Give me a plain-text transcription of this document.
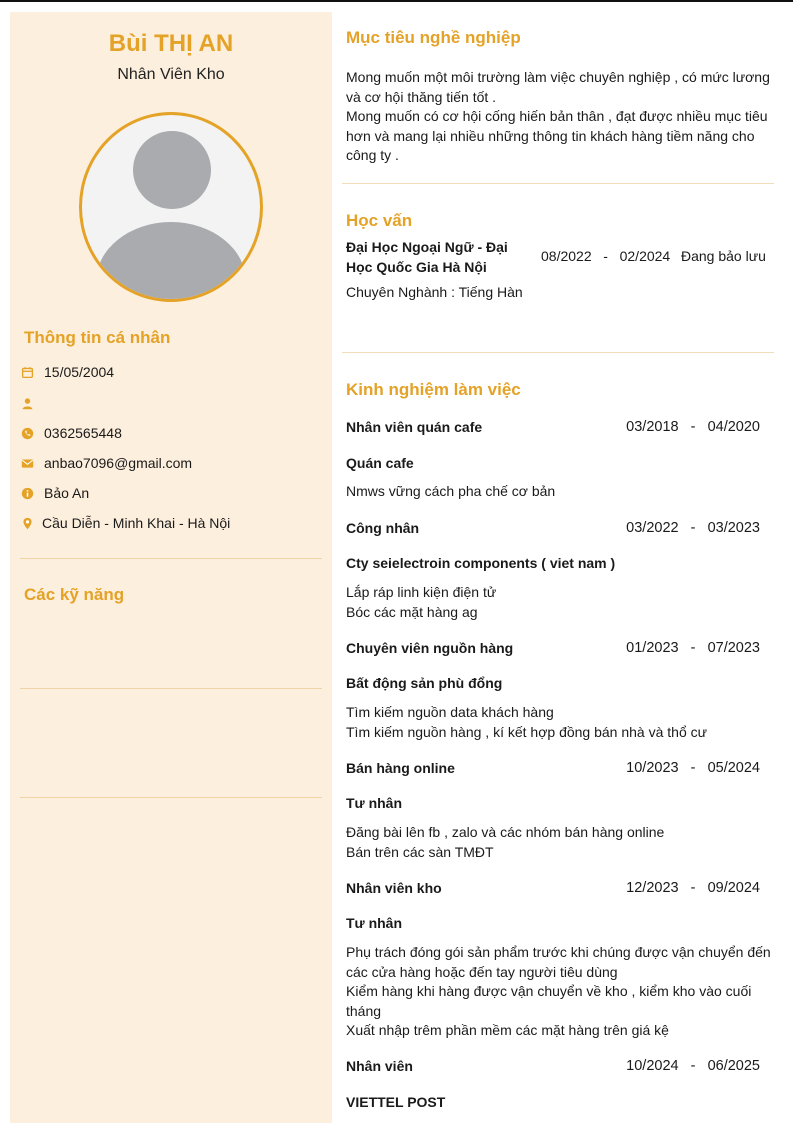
Bùi THỊ AN
Nhân Viên Kho
Thông tin cá nhân
15/05/2004
0362565448
anbao7096@gmail.com
Bảo An
Cầu Diễn - Minh Khai - Hà Nội
Các kỹ năng
Mục tiêu nghề nghiệp
Mong muốn một môi trường làm việc chuyên nghiệp , có mức lương và cơ hội thăng tiến tốt .
Mong muốn có cơ hội cống hiến bản thân , đạt được nhiều mục tiêu hơn và mang lại nhiều những thông tin khách hàng tiềm năng cho công ty .
Học vấn
Đại Học Ngoại Ngữ - Đại Học Quốc Gia Hà Nội
08/2022   -   02/2024 Đang bảo lưu
Chuyên Nghành : Tiếng Hàn
Kinh nghiệm làm việc
Nhân viên quán cafe	03/2018   -   04/2020
Quán cafe
Nmws vững cách pha chế cơ bản
Công nhân	03/2022   -   03/2023
Cty seielectroin components ( viet nam )
Lắp ráp linh kiện điện tử
Bóc các mặt hàng ag
Chuyên viên nguồn hàng	01/2023   -   07/2023
Bất động sản phù đổng
Tìm kiếm nguồn data khách hàng
Tìm kiếm nguồn hàng , kí kết hợp đồng bán nhà và thổ cư
Bán hàng online	10/2023   -   05/2024
Tư nhân
Đăng bài lên fb , zalo và các nhóm bán hàng online
Bán trên các sàn TMĐT
Nhân viên kho	12/2023   -   09/2024
Tư nhân
Phụ trách đóng gói sản phẩm trước khi chúng được vận chuyển đến các cửa hàng hoặc đến tay người tiêu dùng
Kiểm hàng khi hàng được vận chuyển về kho , kiểm kho vào cuối tháng
Xuất nhập trêm phần mềm các mặt hàng trên giá kệ
Nhân viên	10/2024   -   06/2025
VIETTEL POST
